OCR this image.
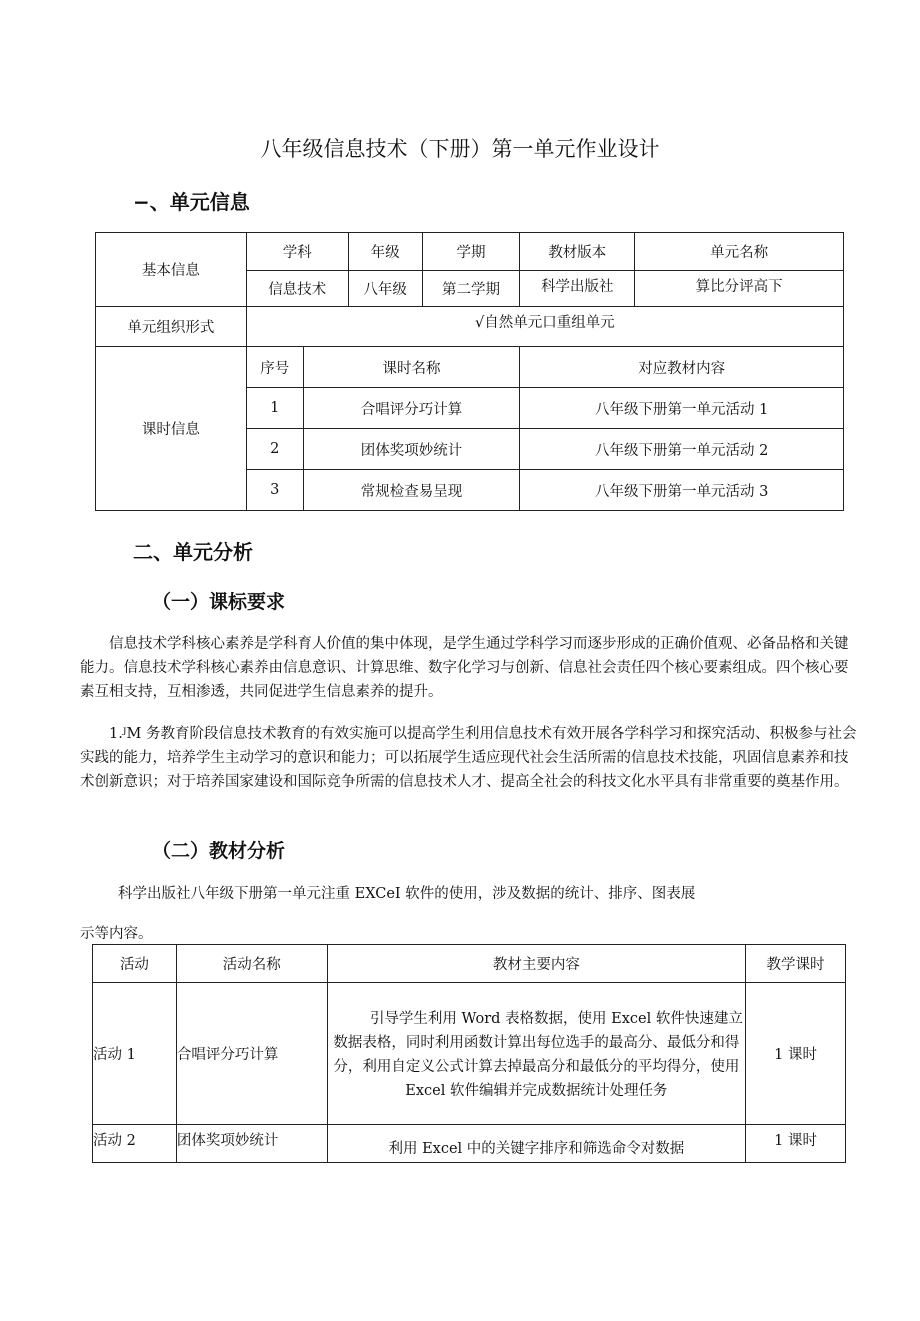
八年级信息技术（下册）第一单元作业设计
−、单元信息
基本信息	学科		年级	学期	教材版本	单元名称
	信息技术		八年级	第二学期	科学出版社	算比分评高下
单元组织形式	√自然单元口重组单元					
课时信息	序号	课时名称			对应教材内容	
	1	合唱评分巧计算			八年级下册第一单元活动 1	
	2	团体奖项妙统计			八年级下册第一单元活动 2	
	3	常规检查易呈现			八年级下册第一单元活动 3	
二、单元分析
（一）课标要求
信息技术学科核心素养是学科育人价值的集中体现，是学生通过学科学习而逐步形成的正确价值观、必备品格和关键能力。信息技术学科核心素养由信息意识、计算思维、数字化学习与创新、信息社会责任四个核心要素组成。四个核心要素互相支持，互相渗透，共同促进学生信息素养的提升。
1.ᴶM 务教育阶段信息技术教育的有效实施可以提高学生利用信息技术有效开展各学科学习和探究活动、积极参与社会实践的能力，培养学生主动学习的意识和能力；可以拓展学生适应现代社会生活所需的信息技术技能，巩固信息素养和技术创新意识；对于培养国家建设和国际竞争所需的信息技术人才、提高全社会的科技文化水平具有非常重要的奠基作用。
（二）教材分析
科学出版社八年级下册第一单元注重 EXCeI 软件的使用，涉及数据的统计、排序、图表展
示等内容。
活动	活动名称	教材主要内容	教学课时
活动 1	合唱评分巧计算	引导学生利用 Word 表格数据，使用 Excel 软件快速建立数据表格，同时利用函数计算出每位选手的最高分、最低分和得分，利用自定义公式计算去掉最高分和最低分的平均得分，使用 Excel 软件编辑并完成数据统计处理任务	1 课时
活动 2	团体奖项妙统计	利用 Excel 中的关键字排序和筛选命令对数据	1 课时
